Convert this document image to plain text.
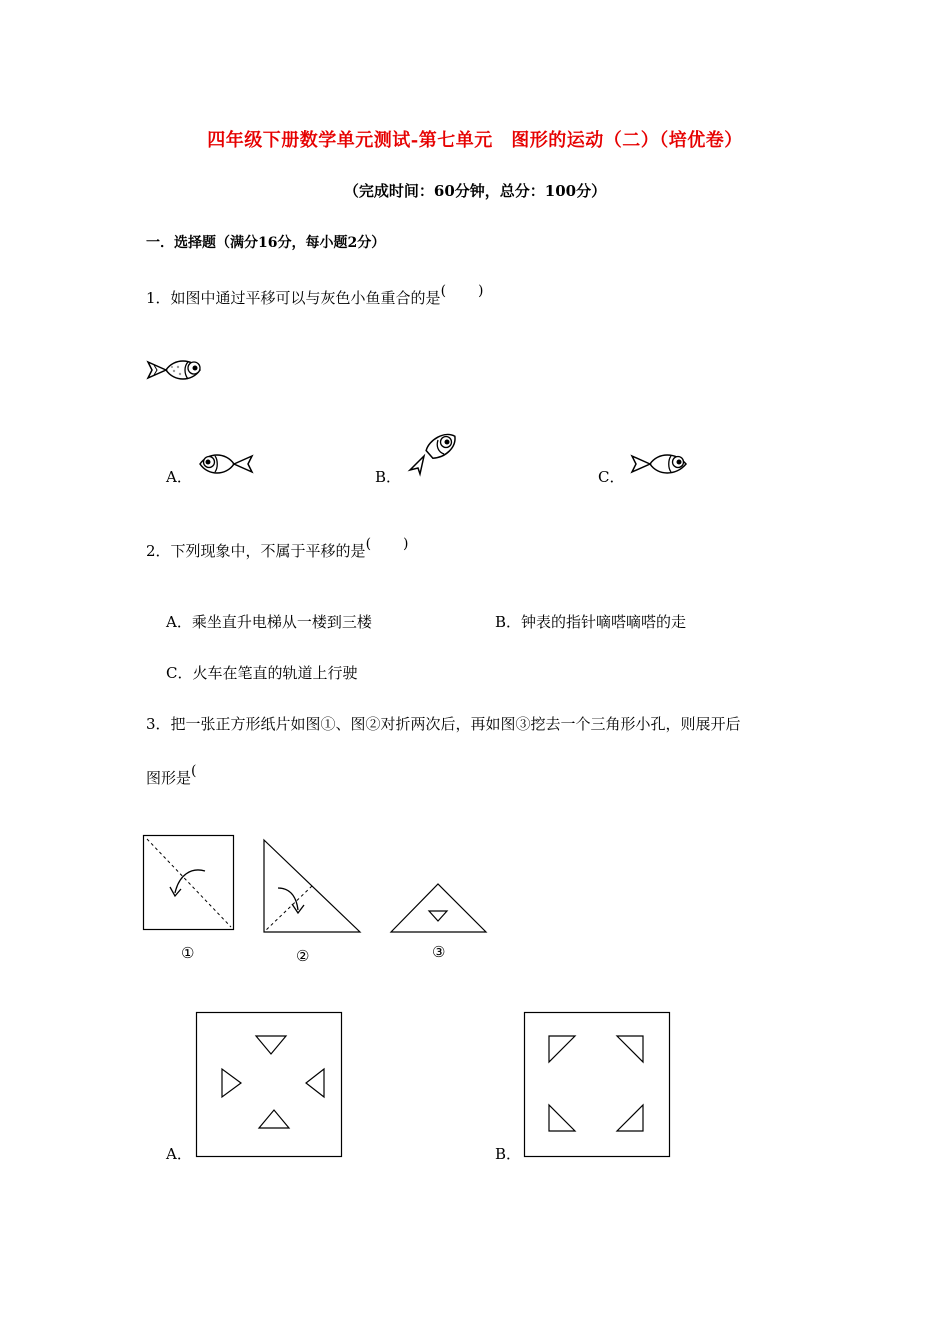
四年级下册数学单元测试-第七单元　图形的运动（二）（培优卷）
（完成时间：60分钟，总分：100分）
一．选择题（满分16分，每小题2分）
1．如图中通过平移可以与灰色小鱼重合的是( )
A．	B．	C．
2．下列现象中，不属于平移的是( )
A．乘坐直升电梯从一楼到三楼	B．钟表的指针嘀嗒嘀嗒的走
C．火车在笔直的轨道上行驶
3．把一张正方形纸片如图①、图②对折两次后，再如图③挖去一个三角形小孔，则展开后
图形是(
①	②	③
A．	B．
